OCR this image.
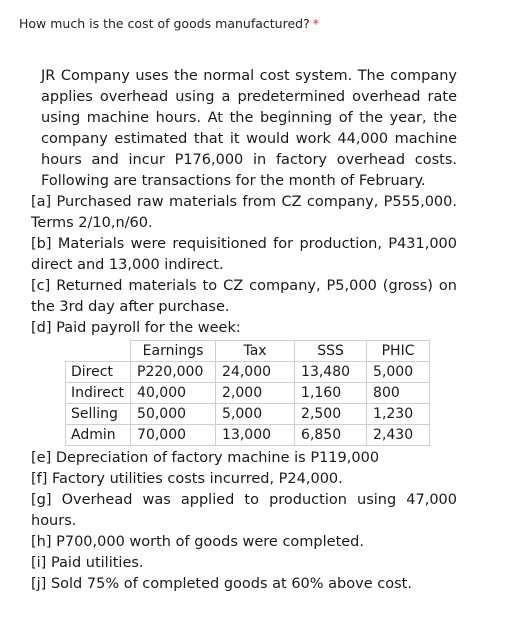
How much is the cost of goods manufactured? *

JR Company uses the normal cost system. The company applies overhead using a predetermined overhead rate using machine hours. At the beginning of the year, the company estimated that it would work 44,000 machine hours and incur P176,000 in factory overhead costs. Following are transactions for the month of February.

[a] Purchased raw materials from CZ company, P555,000. Terms 2/10,n/60.

[b] Materials were requisitioned for production, P431,000 direct and 13,000 indirect.

[c] Returned materials to CZ company, P5,000 (gross) on the 3rd day after purchase.

[d] Paid payroll for the week:

	Earnings	Tax	SSS	PHIC
Direct	P220,000	24,000	13,480	5,000
Indirect	40,000	2,000	1,160	800
Selling	50,000	5,000	2,500	1,230
Admin	70,000	13,000	6,850	2,430

[e] Depreciation of factory machine is P119,000

[f] Factory utilities costs incurred, P24,000.

[g] Overhead was applied to production using 47,000 hours.

[h] P700,000 worth of goods were completed.

[i] Paid utilities.

[j] Sold 75% of completed goods at 60% above cost.
